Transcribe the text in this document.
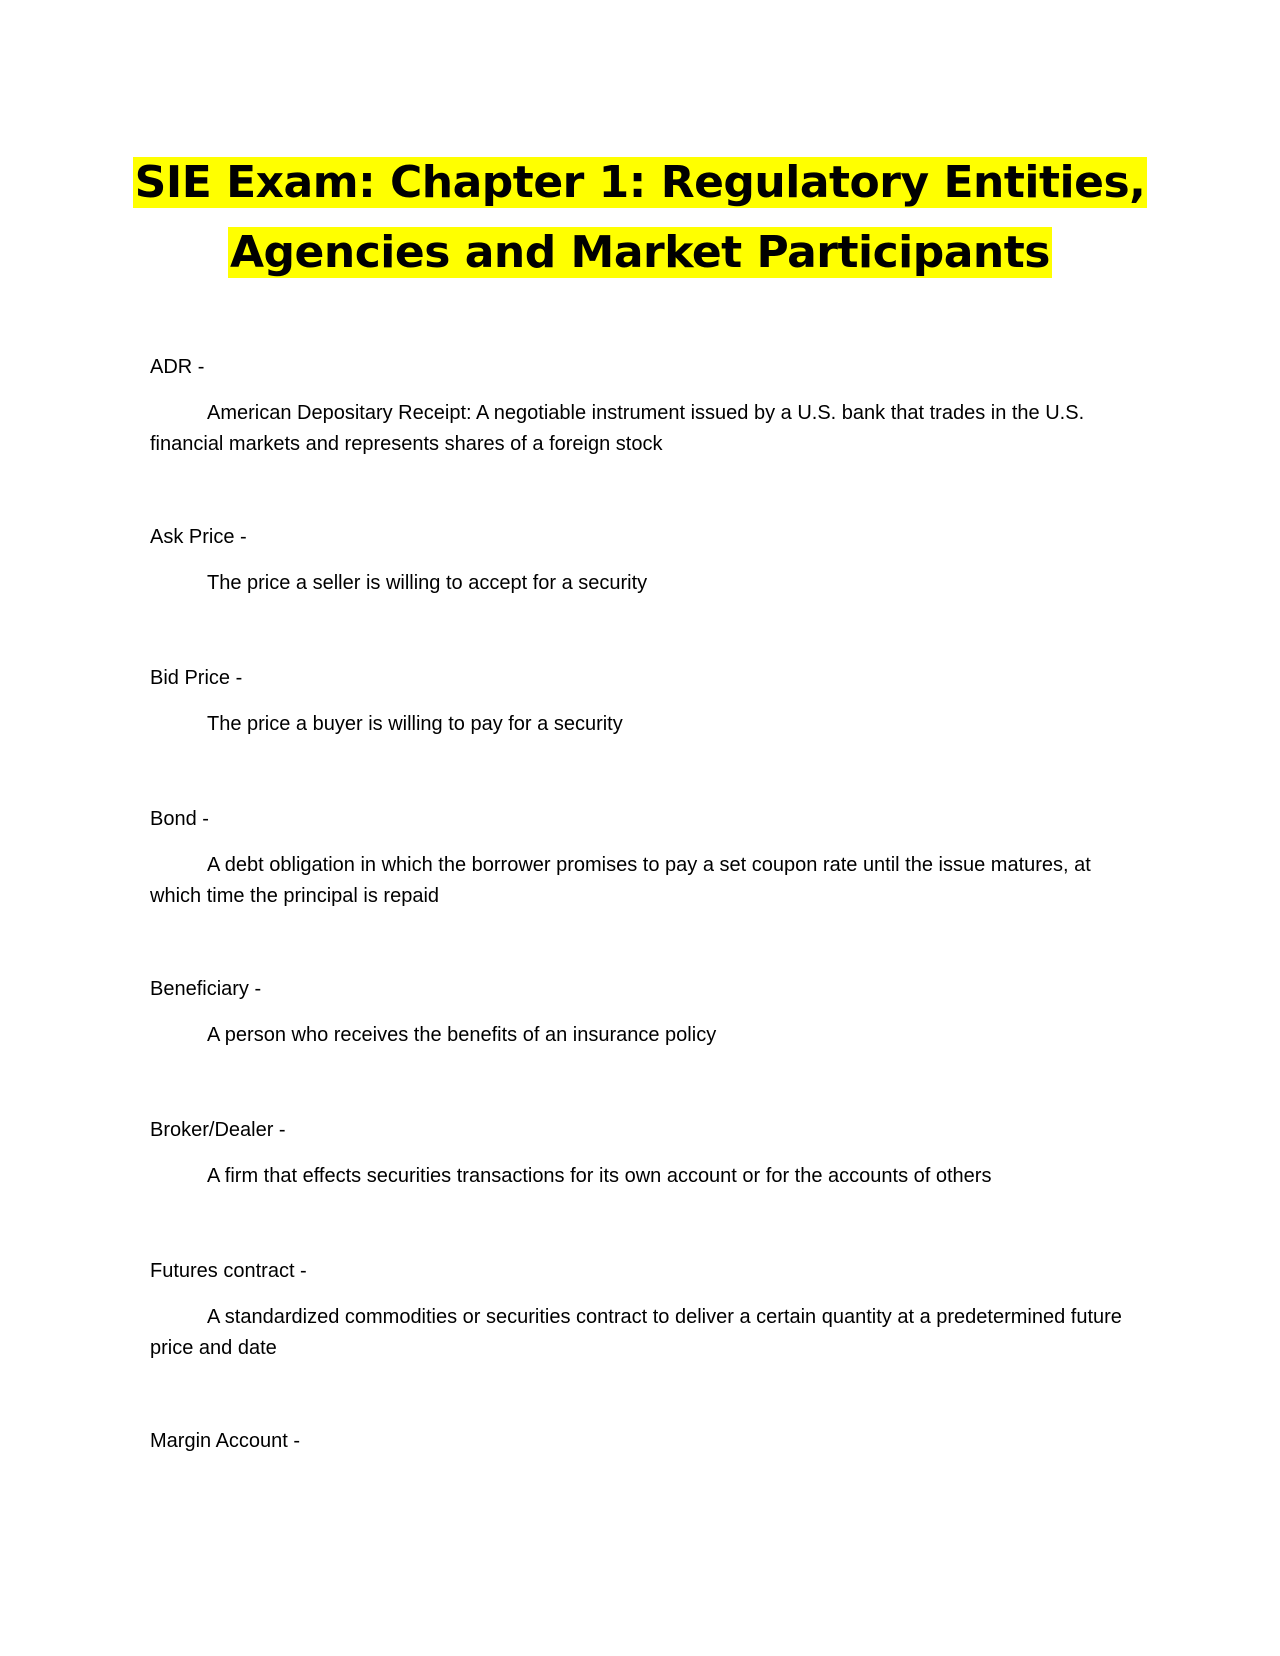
SIE Exam: Chapter 1: Regulatory Entities,
Agencies and Market Participants

ADR -

American Depositary Receipt: A negotiable instrument issued by a U.S. bank that trades in the U.S. financial markets and represents shares of a foreign stock

Ask Price -

The price a seller is willing to accept for a security

Bid Price -

The price a buyer is willing to pay for a security

Bond -

A debt obligation in which the borrower promises to pay a set coupon rate until the issue matures, at which time the principal is repaid

Beneficiary -

A person who receives the benefits of an insurance policy

Broker/Dealer -

A firm that effects securities transactions for its own account or for the accounts of others

Futures contract -

A standardized commodities or securities contract to deliver a certain quantity at a predetermined future price and date

Margin Account -
